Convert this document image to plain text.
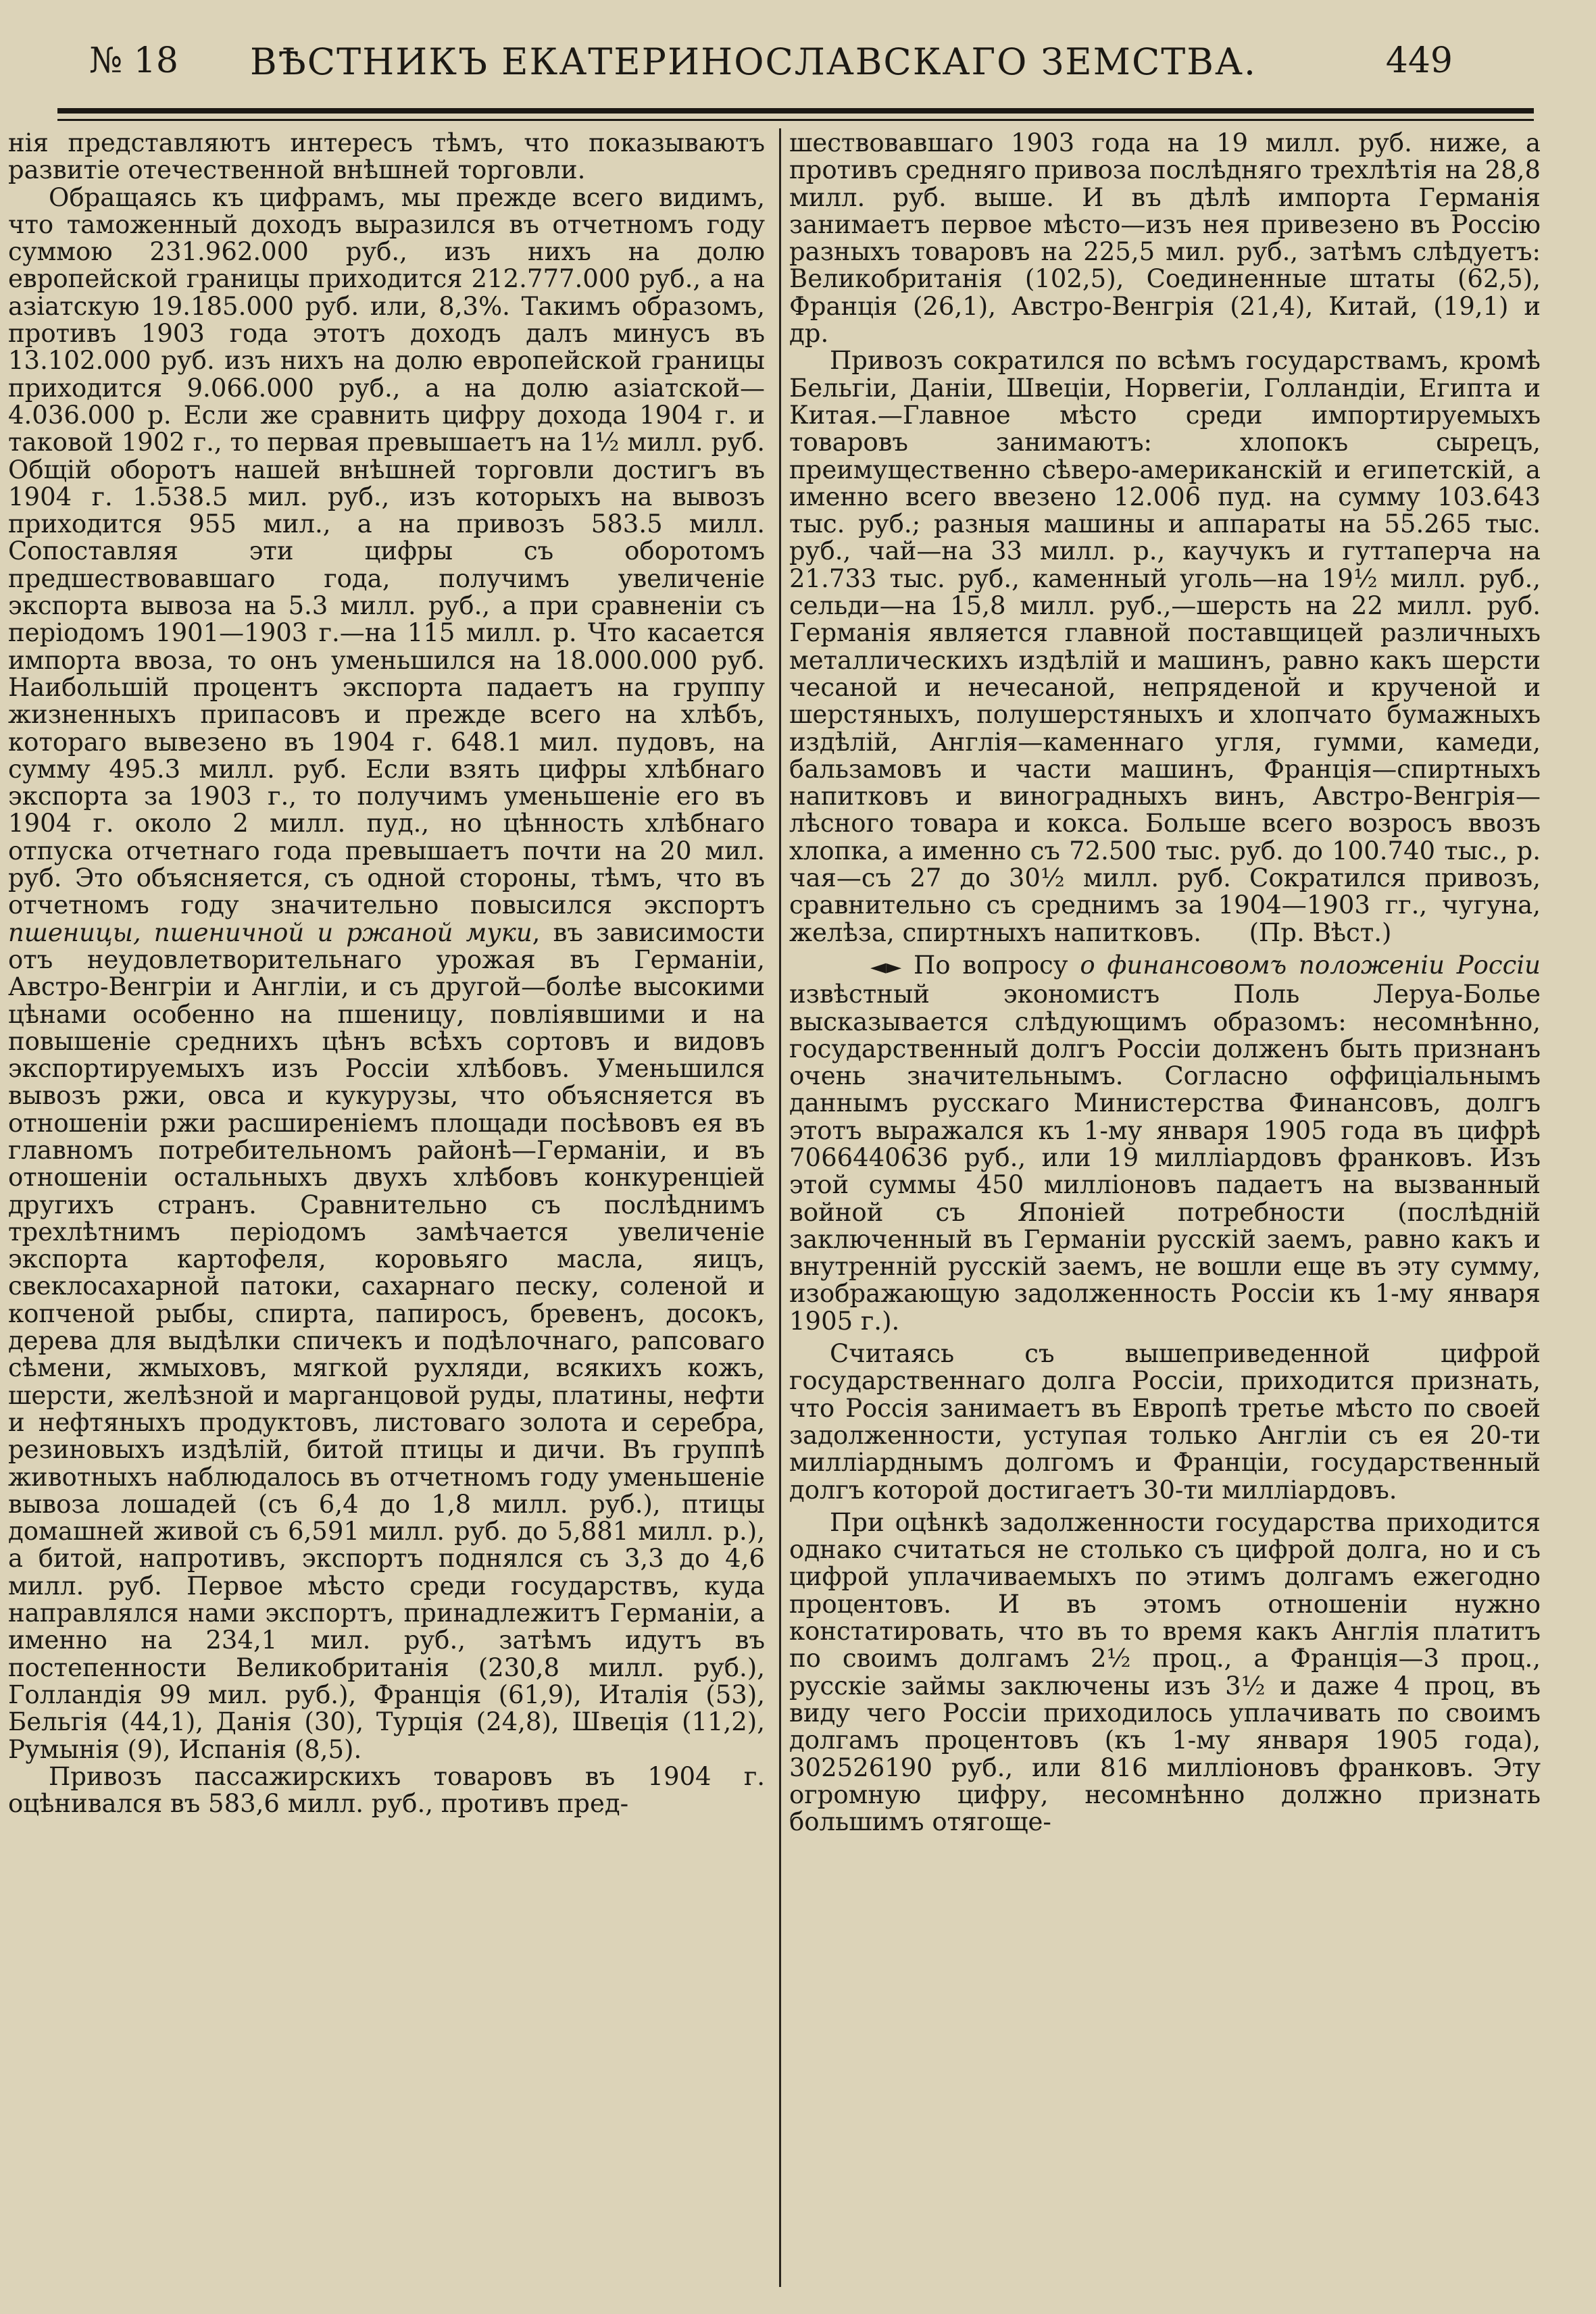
№ 18	ВѢСТНИКЪ ЕКАТЕРИНОСЛАВСКАГО ЗЕМСТВА.	449

нія представляютъ интересъ тѣмъ, что показываютъ развитіе отечественной внѣшней торговли.

Обращаясь къ цифрамъ, мы прежде всего видимъ, что таможенный доходъ выразился въ отчетномъ году суммою 231.962.000 руб., изъ нихъ на долю европейской границы приходится 212.777.000 руб., а на азіатскую 19.185.000 руб. или, 8,3%. Такимъ образомъ, противъ 1903 года этотъ доходъ далъ минусъ въ 13.102.000 руб. изъ нихъ на долю европейской границы приходится 9.066.000 руб., а на долю азіатской—4.036.000 р. Если же сравнить цифру дохода 1904 г. и таковой 1902 г., то первая превышаетъ на 1½ милл. руб. Общій оборотъ нашей внѣшней торговли достигъ въ 1904 г. 1.538.5 мил. руб., изъ которыхъ на вывозъ приходится 955 мил., а на привозъ 583.5 милл. Сопоставляя эти цифры съ оборотомъ предшествовавшаго года, получимъ увеличеніе экспорта вывоза на 5.3 милл. руб., а при сравненіи съ періодомъ 1901—1903 г.—на 115 милл. р. Что касается импорта ввоза, то онъ уменьшился на 18.000.000 руб. Наибольшій процентъ экспорта падаетъ на группу жизненныхъ припасовъ и прежде всего на хлѣбъ, котораго вывезено въ 1904 г. 648.1 мил. пудовъ, на сумму 495.3 милл. руб. Если взять цифры хлѣбнаго экспорта за 1903 г., то получимъ уменьшеніе его въ 1904 г. около 2 милл. пуд., но цѣнность хлѣбнаго отпуска отчетнаго года превышаетъ почти на 20 мил. руб. Это объясняется, съ одной стороны, тѣмъ, что въ отчетномъ году значительно повысился экспортъ пшеницы, пшеничной и ржаной муки, въ зависимости отъ неудовлетворительнаго урожая въ Германіи, Австро-Венгріи и Англіи, и съ другой—болѣе высокими цѣнами особенно на пшеницу, повліявшими и на повышеніе среднихъ цѣнъ всѣхъ сортовъ и видовъ экспортируемыхъ изъ Россіи хлѣбовъ. Уменьшился вывозъ ржи, овса и кукурузы, что объясняется въ отношеніи ржи расширеніемъ площади посѣвовъ ея въ главномъ потребительномъ районѣ—Германіи, и въ отношеніи остальныхъ двухъ хлѣбовъ конкуренціей другихъ странъ. Сравнительно съ послѣднимъ трехлѣтнимъ періодомъ замѣчается увеличеніе экспорта картофеля, коровьяго масла, яицъ, свеклосахарной патоки, сахарнаго песку, соленой и копченой рыбы, спирта, папиросъ, бревенъ, досокъ, дерева для выдѣлки спичекъ и подѣлочнаго, рапсоваго сѣмени, жмыховъ, мягкой рухляди, всякихъ кожъ, шерсти, желѣзной и марганцовой руды, платины, нефти и нефтяныхъ продуктовъ, листоваго золота и серебра, резиновыхъ издѣлій, битой птицы и дичи. Въ группѣ животныхъ наблюдалось въ отчетномъ году уменьшеніе вывоза лошадей (съ 6,4 до 1,8 милл. руб.), птицы домашней живой съ 6,591 милл. руб. до 5,881 милл. р.), а битой, напротивъ, экспортъ поднялся съ 3,3 до 4,6 милл. руб. Первое мѣсто среди государствъ, куда направлялся нами экспортъ, принадлежитъ Германіи, а именно на 234,1 мил. руб., затѣмъ идутъ въ постепенности Великобританія (230,8 милл. руб.), Голландія 99 мил. руб.), Франція (61,9), Италія (53), Бельгія (44,1), Данія (30), Турція (24,8), Швеція (11,2), Румынія (9), Испанія (8,5).

Привозъ пассажирскихъ товаровъ въ 1904 г. оцѣнивался въ 583,6 милл. руб., противъ пред-

шествовавшаго 1903 года на 19 милл. руб. ниже, а противъ средняго привоза послѣдняго трехлѣтія на 28,8 милл. руб. выше. И въ дѣлѣ импорта Германія занимаетъ первое мѣсто—изъ нея привезено въ Россію разныхъ товаровъ на 225,5 мил. руб., затѣмъ слѣдуетъ: Великобританія (102,5), Соединенные штаты (62,5), Франція (26,1), Австро-Венгрія (21,4), Китай, (19,1) и др.

Привозъ сократился по всѣмъ государствамъ, кромѣ Бельгіи, Даніи, Швеціи, Норвегіи, Голландіи, Египта и Китая.—Главное мѣсто среди импортируемыхъ товаровъ занимаютъ: хлопокъ сырецъ, преимущественно сѣверо-американскій и египетскій, а именно всего ввезено 12.006 пуд. на сумму 103.643 тыс. руб.; разныя машины и аппараты на 55.265 тыс. руб., чай—на 33 милл. р., каучукъ и гуттаперча на 21.733 тыс. руб., каменный уголь—на 19½ милл. руб., сельди—на 15,8 милл. руб.,—шерсть на 22 милл. руб. Германія является главной поставщицей различныхъ металлическихъ издѣлій и машинъ, равно какъ шерсти чесаной и нечесаной, непряденой и крученой и шерстяныхъ, полушерстяныхъ и хлопчато бумажныхъ издѣлій, Англія—каменнаго угля, гумми, камеди, бальзамовъ и части машинъ, Франція—спиртныхъ напитковъ и виноградныхъ винъ, Австро-Венгрія—лѣсного товара и кокса. Больше всего возросъ ввозъ хлопка, а именно съ 72.500 тыс. руб. до 100.740 тыс., р. чая—съ 27 до 30½ милл. руб. Сократился привозъ, сравнительно съ среднимъ за 1904—1903 гг., чугуна, желѣза, спиртныхъ напитковъ. (Пр. Вѣст.)

◄► По вопросу о финансовомъ положеніи Россіи извѣстный экономистъ Поль Леруа-Болье высказывается слѣдующимъ образомъ: несомнѣнно, государственный долгъ Россіи долженъ быть признанъ очень значительнымъ. Согласно оффиціальнымъ даннымъ русскаго Министерства Финансовъ, долгъ этотъ выражался къ 1-му января 1905 года въ цифрѣ 7066440636 руб., или 19 милліардовъ франковъ. Изъ этой суммы 450 милліоновъ падаетъ на вызванный войной съ Японіей потребности (послѣдній заключенный въ Германіи русскій заемъ, равно какъ и внутренній русскій заемъ, не вошли еще въ эту сумму, изображающую задолженность Россіи къ 1-му января 1905 г.).

Считаясь съ вышеприведенной цифрой государственнаго долга Россіи, приходится признать, что Россія занимаетъ въ Европѣ третье мѣсто по своей задолженности, уступая только Англіи съ ея 20-ти милліарднымъ долгомъ и Франціи, государственный долгъ которой достигаетъ 30-ти милліардовъ.

При оцѣнкѣ задолженности государства приходится однако считаться не столько съ цифрой долга, но и съ цифрой уплачиваемыхъ по этимъ долгамъ ежегодно процентовъ. И въ этомъ отношеніи нужно констатировать, что въ то время какъ Англія платитъ по своимъ долгамъ 2½ проц., а Франція—3 проц., русскіе займы заключены изъ 3½ и даже 4 проц, въ виду чего Россіи приходилось уплачивать по своимъ долгамъ процентовъ (къ 1-му января 1905 года), 302526190 руб., или 816 милліоновъ франковъ. Эту огромную цифру, несомнѣнно должно признать большимъ отягоще-
